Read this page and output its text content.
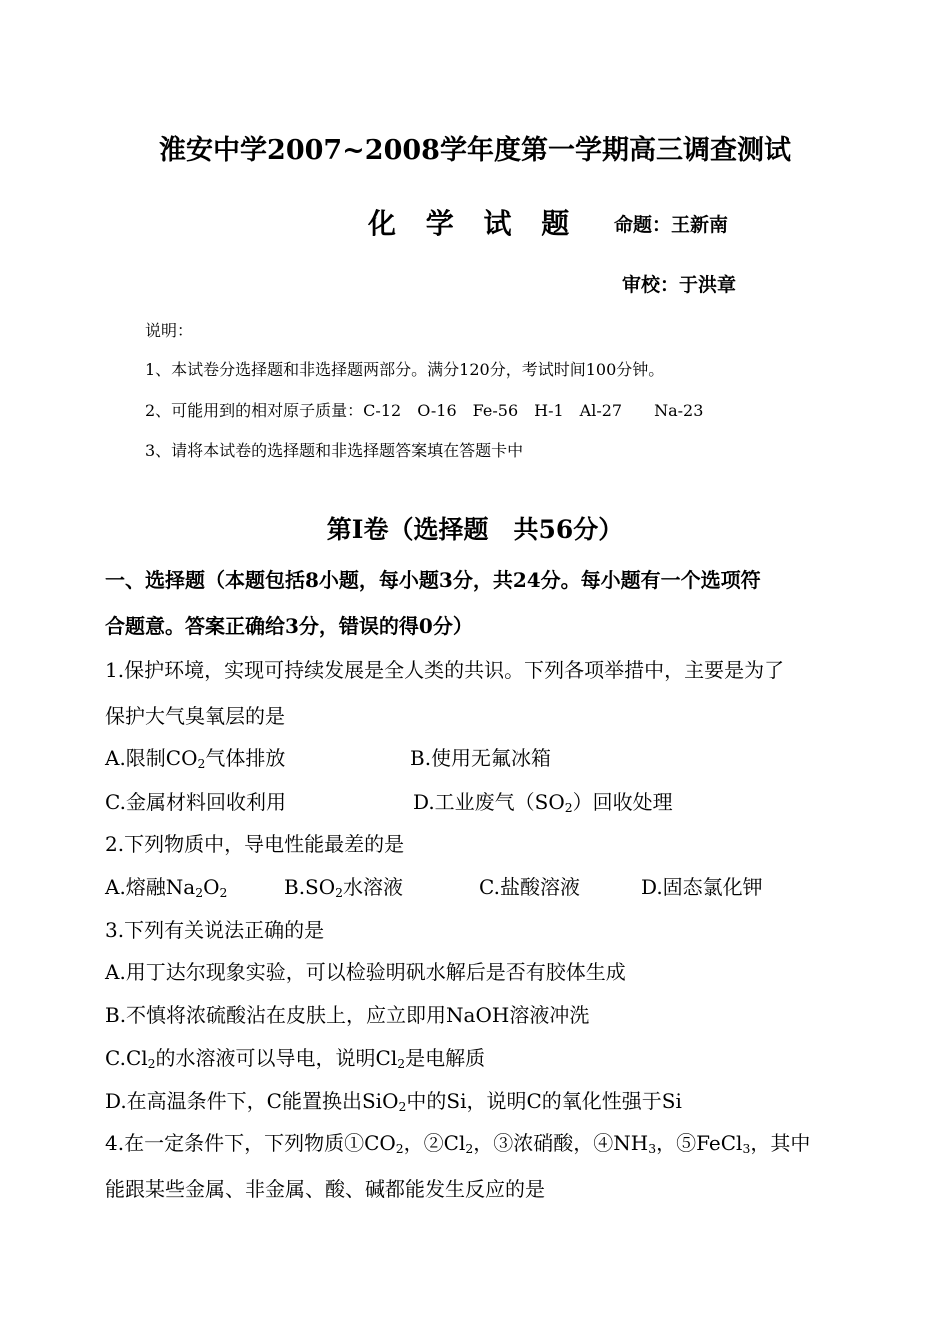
淮安中学2007~2008学年度第一学期高三调查测试
化 学 试 题 命题：王新南
审校：于洪章
说明：
1、本试卷分选择题和非选择题两部分。满分120分，考试时间100分钟。
2、可能用到的相对原子质量：C-12　O-16　Fe-56　H-1　Al-27　　Na-23
3、请将本试卷的选择题和非选择题答案填在答题卡中
第Ⅰ卷（选择题　共56分）
一、选择题（本题包括8小题，每小题3分，共24分。每小题有一个选项符
合题意。答案正确给3分，错误的得0分）
1.保护环境，实现可持续发展是全人类的共识。下列各项举措中，主要是为了
保护大气臭氧层的是
A.限制$CO_2$气体排放	B.使用无氟冰箱
C.金属材料回收利用	D.工业废气$(SO_2)$回收处理
2.下列物质中，导电性能最差的是
A.熔融$Na_2O_2$	$B.SO_2$水溶液	C.盐酸溶液	D.固态氯化钾
3.下列有关说法正确的是
A.用丁达尔现象实验，可以检验明矾水解后是否有胶体生成
B.不慎将浓硫酸沾在皮肤上，应立即用NaOH溶液冲洗
$C.Cl_2$的水溶液可以导电，说明$Cl_2$是电解质
D.在高温条件下，C能置换出SiO$_2$中的Si，说明C的氧化性强于Si
4.在一定条件下，下列物质$①CO_2$，$②Cl_2$，③浓硝酸，$④NH_3$，⑤FeCl$_3$，其中
能跟某些金属、非金属、酸、碱都能发生反应的是
